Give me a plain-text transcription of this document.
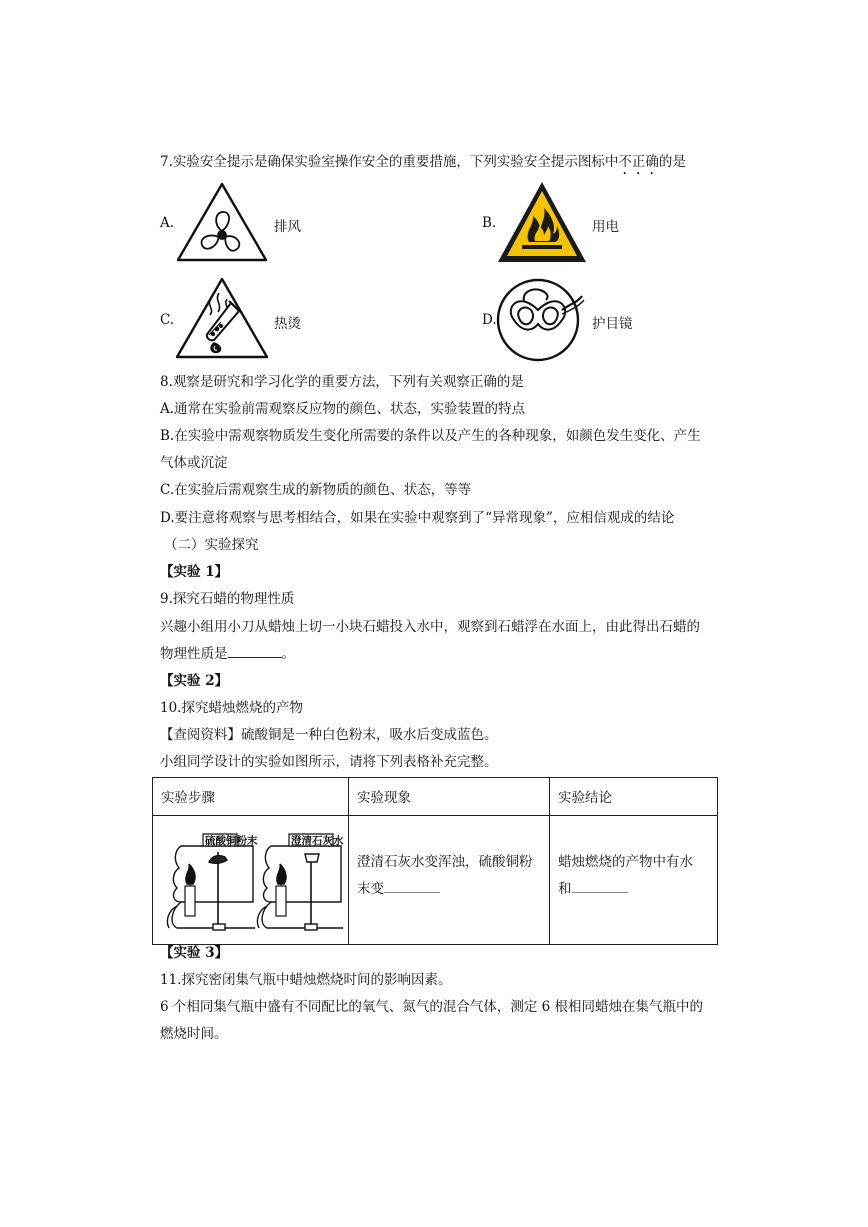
7.实验安全提示是确保实验室操作安全的重要措施，下列实验安全提示图标中不正确的是
A.	排风	B.	用电
C.	热烫	D.	护目镜
8.观察是研究和学习化学的重要方法，下列有关观察正确的是
A.通常在实验前需观察反应物的颜色、状态，实验装置的特点
B.在实验中需观察物质发生变化所需要的条件以及产生的各种现象，如颜色发生变化、产生
气体或沉淀
C.在实验后需观察生成的新物质的颜色、状态，等等
D.要注意将观察与思考相结合，如果在实验中观察到了“异常现象”，应相信观成的结论
（二）实验探究
【实验 1】
9.探究石蜡的物理性质
兴趣小组用小刀从蜡烛上切一小块石蜡投入水中，观察到石蜡浮在水面上，由此得出石蜡的
物理性质是	。
【实验 2】
10.探究蜡烛燃烧的产物
【查阅资料】硫酸铜是一种白色粉末，吸水后变成蓝色。
小组同学设计的实验如图所示，请将下列表格补充完整。
实验步骤	实验现象	实验结论

硫酸铜粉末 澄清石灰水	澄清石灰水变浑浊，硫酸铜粉
末变	蜡烛燃烧的产物中有水
和
【实验 3】
11.探究密闭集气瓶中蜡烛燃烧时间的影响因素。
6 个相同集气瓶中盛有不同配比的氧气、氮气的混合气体，测定 6 根相同蜡烛在集气瓶中的
燃烧时间。
